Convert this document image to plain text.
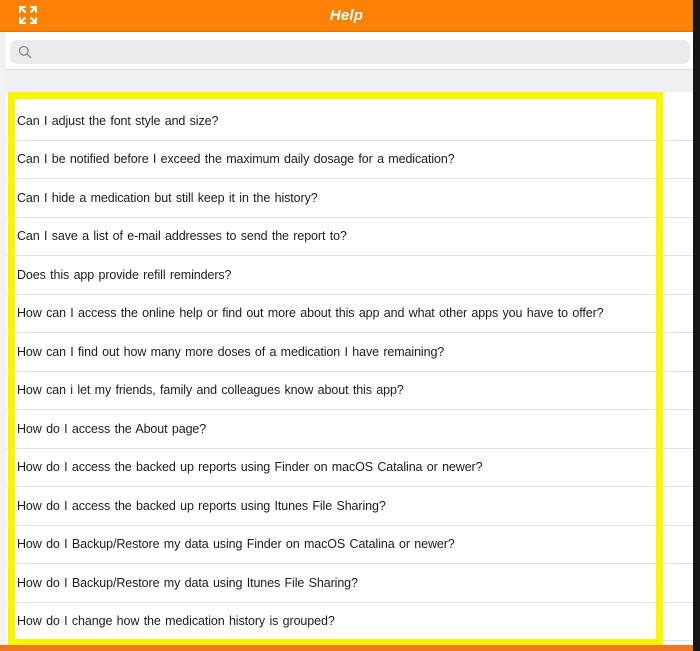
Help
Can I adjust the font style and size?
Can I be notified before I exceed the maximum daily dosage for a medication?
Can I hide a medication but still keep it in the history?
Can I save a list of e-mail addresses to send the report to?
Does this app provide refill reminders?
How can I access the online help or find out more about this app and what other apps you have to offer?
How can I find out how many more doses of a medication I have remaining?
How can i let my friends, family and colleagues know about this app?
How do I access the About page?
How do I access the backed up reports using Finder on macOS Catalina or newer?
How do I access the backed up reports using Itunes File Sharing?
How do I Backup/Restore my data using Finder on macOS Catalina or newer?
How do I Backup/Restore my data using Itunes File Sharing?
How do I change how the medication history is grouped?
